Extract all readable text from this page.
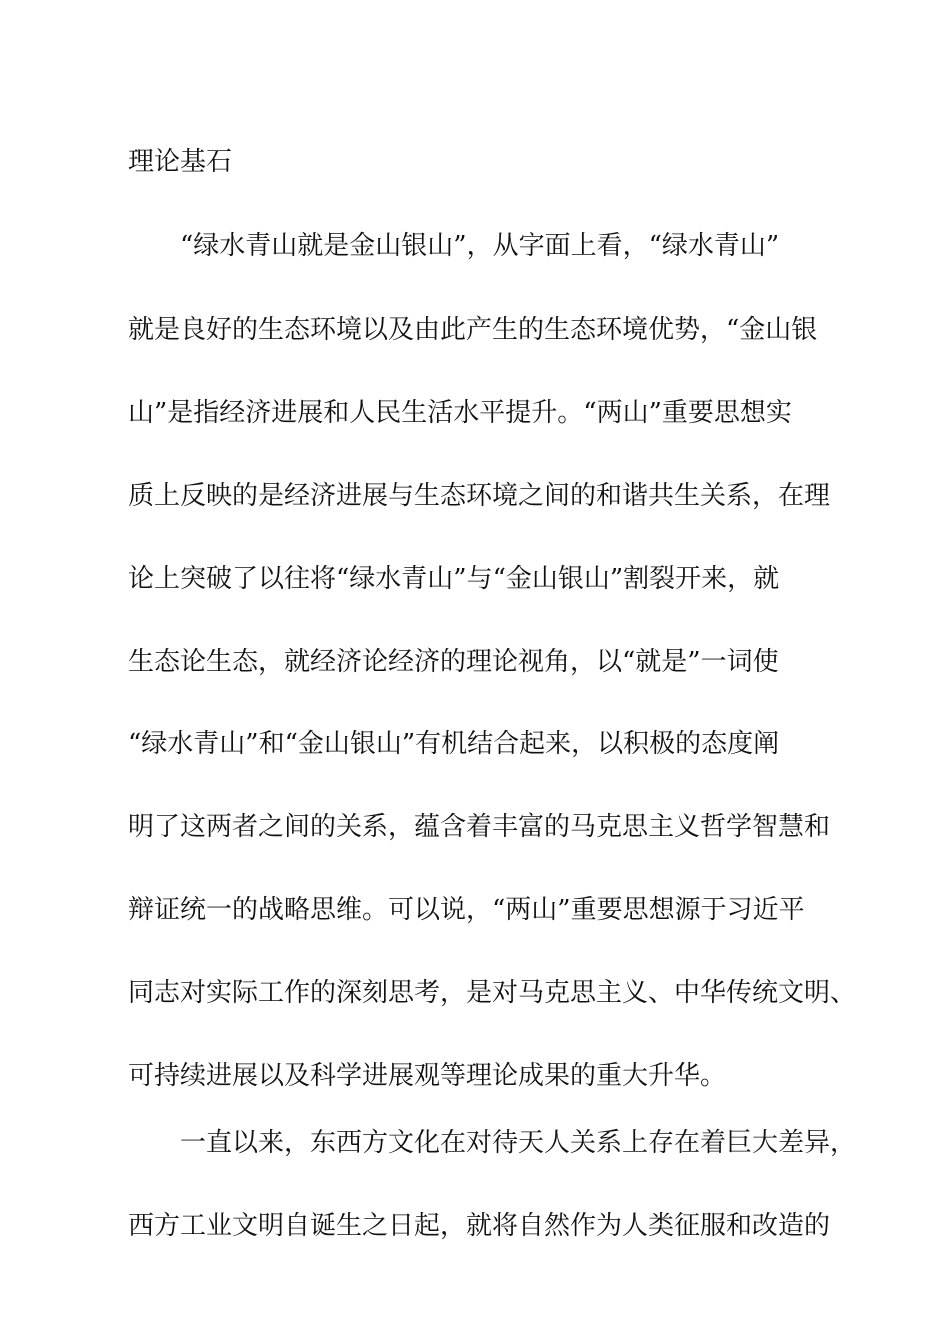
理论基石

“绿水青山就是金山银山”，从字面上看，“绿水青山”

就是良好的生态环境以及由此产生的生态环境优势，“金山银

山”是指经济进展和人民生活水平提升。“两山”重要思想实

质上反映的是经济进展与生态环境之间的和谐共生关系，在理

论上突破了以往将“绿水青山”与“金山银山”割裂开来，就

生态论生态，就经济论经济的理论视角，以“就是”一词使

“绿水青山”和“金山银山”有机结合起来，以积极的态度阐

明了这两者之间的关系，蕴含着丰富的马克思主义哲学智慧和

辩证统一的战略思维。可以说，“两山”重要思想源于习近平

同志对实际工作的深刻思考，是对马克思主义、中华传统文明、

可持续进展以及科学进展观等理论成果的重大升华。

一直以来，东西方文化在对待天人关系上存在着巨大差异，

西方工业文明自诞生之日起，就将自然作为人类征服和改造的
